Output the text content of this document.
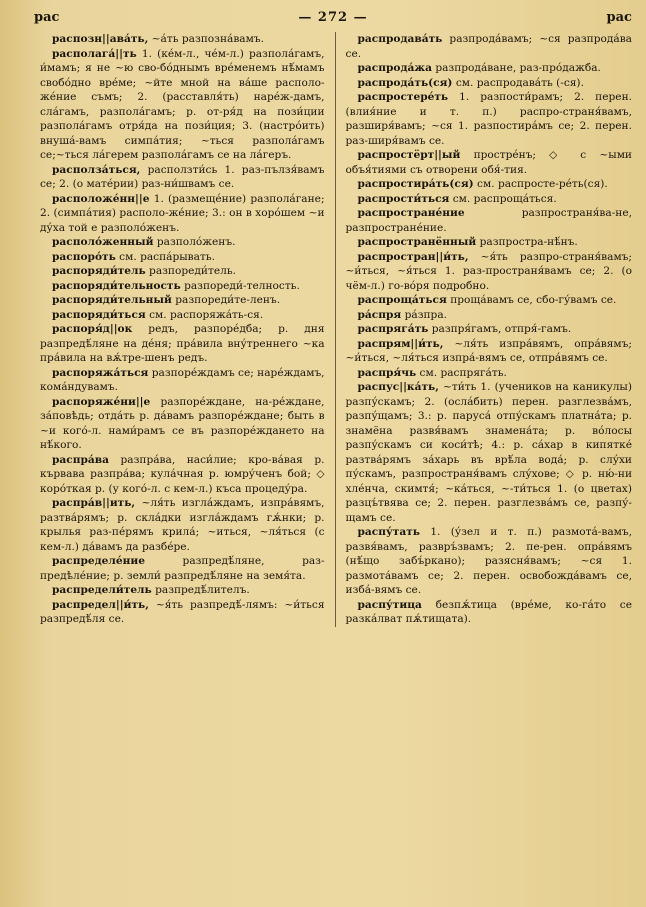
рас	— 272 —	рас

распозн||ава́ть, ~а́ть разпозна́вамъ.

располага́||ть 1. (ке́м-л., че́м-л.) разпола́гамъ, и́мамъ; я не ~ю сво-бо́днымъ вре́менемъ нѣ́мамъ свобо́дно вре́ме; ~йте мной на ва́ше располо-же́ние съмъ; 2. (расставля́ть) наре́ж-дамъ, сла́гамъ, разпола́гамъ; р. от-ря́д на пози́ции разпола́гамъ отря́да на пози́ция; 3. (настро́ить) внуша́-вамъ симпа́тия; ~ться разпола́гамъ се;~ться ла́герем разпола́гамъ се на ла́геръ.

располза́ться, расползти́сь 1. раз-пълзя́вамъ се; 2. (о мате́рии) раз-ни́швамъ се.

расположе́нн||е 1. (размеще́ние) разпола́гане; 2. (симпа́тия) располо-же́ние; 3.: он в хоро́шем ~и ду́ха той е разполо́женъ.

располо́женный разполо́женъ.

распоро́ть см. распа́рывать.

распоряди́тель разпореди́тель.

распоряди́тельность разпореди́-телность.

распоряди́тельный разпореди́те-ленъ.

распоряди́ться см. распоряжа́ть-ся.

распоря́д||ок редъ, разпоре́дба; р. дня разпредѣ́ляне на де́ня; пра́вила вну́треннего ~ка пра́вила на вѫ́тре-шенъ редъ.

распоряжа́ться разпоре́ждамъ се; наре́ждамъ, кома́ндувамъ.

распоряже́ни||е разпоре́ждане, на-ре́ждане, за́повѣдь; отда́ть р. да́вамъ разпоре́ждане; быть в ~и кого́-л. нами́рамъ се въ разпоре́ждането на нѣ́кого.

распра́ва разпра́ва, наси́лие; кро-ва́вая р. кървава разпра́ва; кула́чная р. юмру́ченъ бой; ◇ коро́ткая р. (у кого́-л. с кем-л.) къса процеду́ра.

распра́в||ить, ~ля́ть изгла́ждамъ, изпра́вямъ, разтва́рямъ; р. скла́дки изгла́ждамъ гѫ́нки; р. крылья раз-пе́рямъ крила́; ~иться, ~ля́ться (с кем-л.) да́вамъ да разбе́ре.

распределе́ние	разпредѣ́ляне, раз-предѣле́ние; р. земли́ разпредѣ́ляне на земя́та.

распредели́тель разпредѣ́лителъ.

распредел||и́ть, ~я́ть разпредѣ́-лямъ: ~и́ться разпредѣ́ля се.

распродава́ть разпрода́вамъ; ~ся разпрода́ва се.

распрода́жа разпрода́ване, раз-про́дажба.

распрода́ть(ся) см. распродава́ть (-ся).

распростере́ть 1. разпости́рамъ; 2. перен. (влия́ние и т. п.) распро-страня́вамъ, разширя́вамъ; ~ся 1. разпостира́мъ се; 2. перен. раз-ширя́вамъ се.

распростёрт||ый простре́нъ; ◇ с ~ыми объя́тиями съ отворени обя́-тия.

распростира́ть(ся) см. распросте-ре́ть(ся).

распрости́ться см. распроща́ться.

распростране́ние	разпространя́ва-не, разпростране́ние.

распространённый разпростра-нѣ́нъ.

распростран||и́ть, ~я́ть разпро-страня́вамъ; ~и́ться, ~я́ться 1. раз-пространя́вамъ се; 2. (о чём-л.) го-во́ря подробно.

распроща́ться проща́вамъ се, сбо-гу́вамъ се.

ра́спря ра́зпра.

распряга́ть разпря́гамъ, отпря́-гамъ.

распрям||и́ть, ~ля́ть изпра́вямъ, опра́вямъ; ~и́ться, ~ля́ться изпра́-вямъ се, отпра́вямъ се.

распря́чь см. распряга́ть.

распус||ка́ть, ~ти́ть 1. (учеников на каникулы) разпу́скамъ; 2. (осла́бить) перен. разглезва́мъ, разпу́щамъ; 3.: р. паруса́ отпу́скамъ платна́та; р. знамёна развя́вамъ знамена́та; р. во́лосы разпу́скамъ си коси́тѣ; 4.: р. са́хар в кипятке́ разтва́рямъ за́харь въ врѣ́ла вода́; р. слу́хи пу́скамъ, разпространя́вамъ слу́хове; ◇ р. ню́-ни хле́нча, скимтя́; ~ка́ться, ~-ти́ться 1. (о цветах) разцъ́твява се; 2. перен. разглезва́мъ се, разпу́-щамъ се.

распу́тать 1. (у́зел и т. п.) размота́-вамъ, развя́вамъ, развръ́звамъ; 2. пе-рен. опра́вямъ (нѣ́що забъ́ркано); разясня́вамъ; ~ся 1. размота́вамъ се; 2. перен. освобожда́вамъ се, изба́-вямъ се.

распу́тица безпѫ́тица (вре́ме, ко-га́то се разка́лват пѫ́тищата).
